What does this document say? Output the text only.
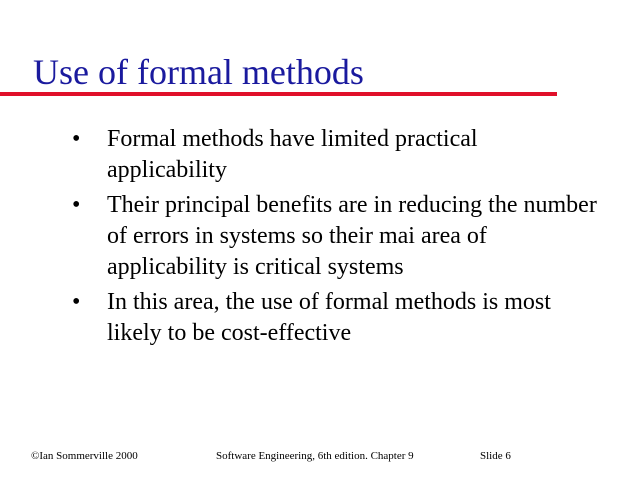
Use of formal methods
• Formal methods have limited practical
applicability
• Their principal benefits are in reducing the number
of errors in systems so their mai area of
applicability is critical systems
• In this area, the use of formal methods is most
likely to be cost-effective
©Ian Sommerville 2000	Software Engineering, 6th edition. Chapter 9	Slide 6
